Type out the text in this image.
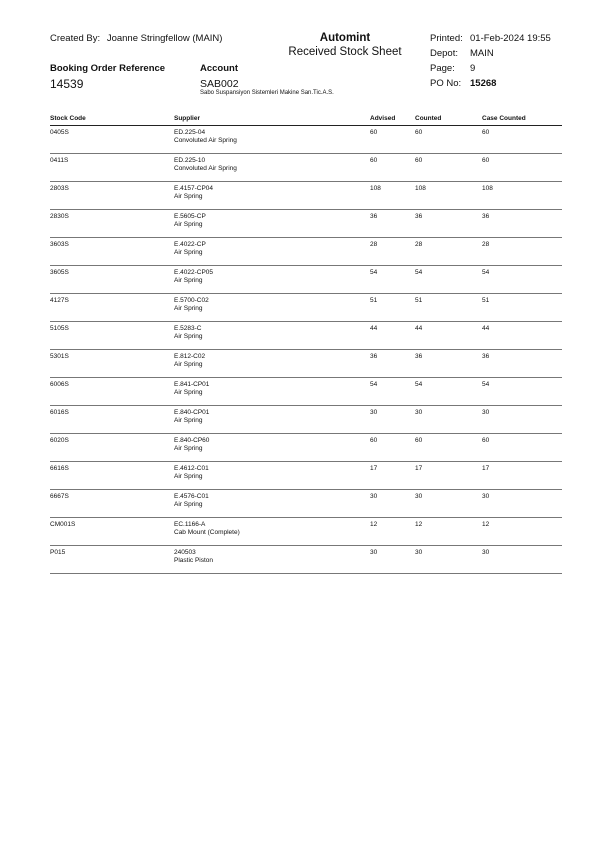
Created By: Joanne Stringfellow (MAIN)	Automint
Received Stock Sheet
Printed: 01-Feb-2024 19:55
Depot: MAIN
Page: 9
PO No: 15268
Booking Order Reference	Account
14539	SAB002
Sabo Suspansiyon Sistemleri Makine San.Tic.A.S.
Stock Code	Supplier	Advised	Counted	Case Counted
0405S	ED.225-04
Convoluted Air Spring	60	60	60
0411S	ED.225-10
Convoluted Air Spring	60	60	60
2803S	E.4157-CP04
Air Spring	108	108	108
2830S	E.5605-CP
Air Spring	36	36	36
3603S	E.4022-CP
Air Spring	28	28	28
3605S	E.4022-CP05
Air Spring	54	54	54
4127S	E.5700-C02
Air Spring	51	51	51
5105S	E.5283-C
Air Spring	44	44	44
5301S	E.812-C02
Air Spring	36	36	36
6006S	E.841-CP01
Air Spring	54	54	54
6016S	E.840-CP01
Air Spring	30	30	30
6020S	E.840-CP60
Air Spring	60	60	60
6616S	E.4612-C01
Air Spring	17	17	17
6667S	E.4576-C01
Air Spring	30	30	30
CM001S	EC.1166-A
Cab Mount (Complete)	12	12	12
P015	240503
Plastic Piston	30	30	30
